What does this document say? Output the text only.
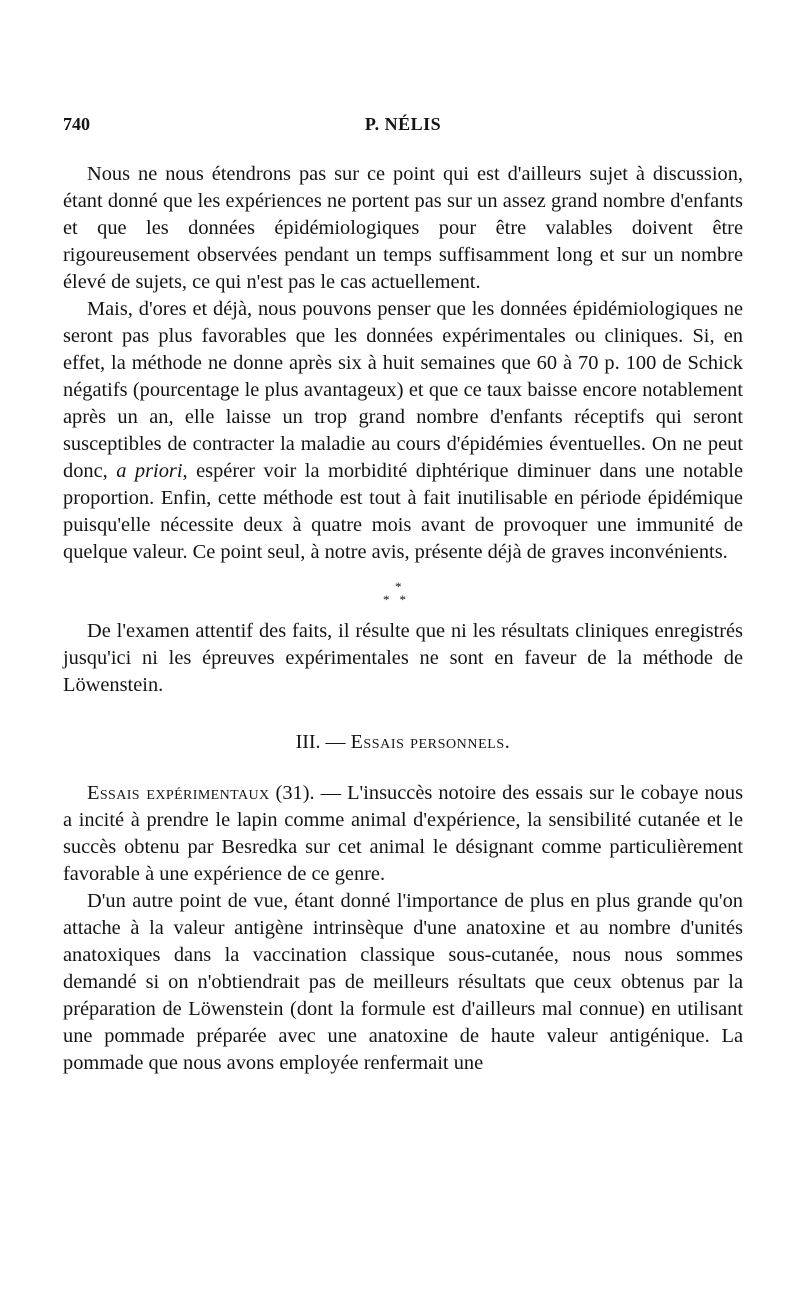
740	P. NÉLIS

Nous ne nous étendrons pas sur ce point qui est d'ailleurs sujet à discussion, étant donné que les expériences ne portent pas sur un assez grand nombre d'enfants et que les données épidémiologiques pour être valables doivent être rigoureusement observées pendant un temps suffisamment long et sur un nombre élevé de sujets, ce qui n'est pas le cas actuellement.

Mais, d'ores et déjà, nous pouvons penser que les données épidémiologiques ne seront pas plus favorables que les données expérimentales ou cliniques. Si, en effet, la méthode ne donne après six à huit semaines que 60 à 70 p. 100 de Schick négatifs (pourcentage le plus avantageux) et que ce taux baisse encore notablement après un an, elle laisse un trop grand nombre d'enfants réceptifs qui seront susceptibles de contracter la maladie au cours d'épidémies éventuelles. On ne peut donc, a priori, espérer voir la morbidité diphtérique diminuer dans une notable proportion. Enfin, cette méthode est tout à fait inutilisable en période épidémique puisqu'elle nécessite deux à quatre mois avant de provoquer une immunité de quelque valeur. Ce point seul, à notre avis, présente déjà de graves inconvénients.

*
**

De l'examen attentif des faits, il résulte que ni les résultats cliniques enregistrés jusqu'ici ni les épreuves expérimentales ne sont en faveur de la méthode de Löwenstein.

III. — Essais personnels.

Essais expérimentaux (31). — L'insuccès notoire des essais sur le cobaye nous a incité à prendre le lapin comme animal d'expérience, la sensibilité cutanée et le succès obtenu par Besredka sur cet animal le désignant comme particulièrement favorable à une expérience de ce genre.

D'un autre point de vue, étant donné l'importance de plus en plus grande qu'on attache à la valeur antigène intrinsèque d'une anatoxine et au nombre d'unités anatoxiques dans la vaccination classique sous-cutanée, nous nous sommes demandé si on n'obtiendrait pas de meilleurs résultats que ceux obtenus par la préparation de Löwenstein (dont la formule est d'ailleurs mal connue) en utilisant une pommade préparée avec une anatoxine de haute valeur antigénique. La pommade que nous avons employée renfermait une
